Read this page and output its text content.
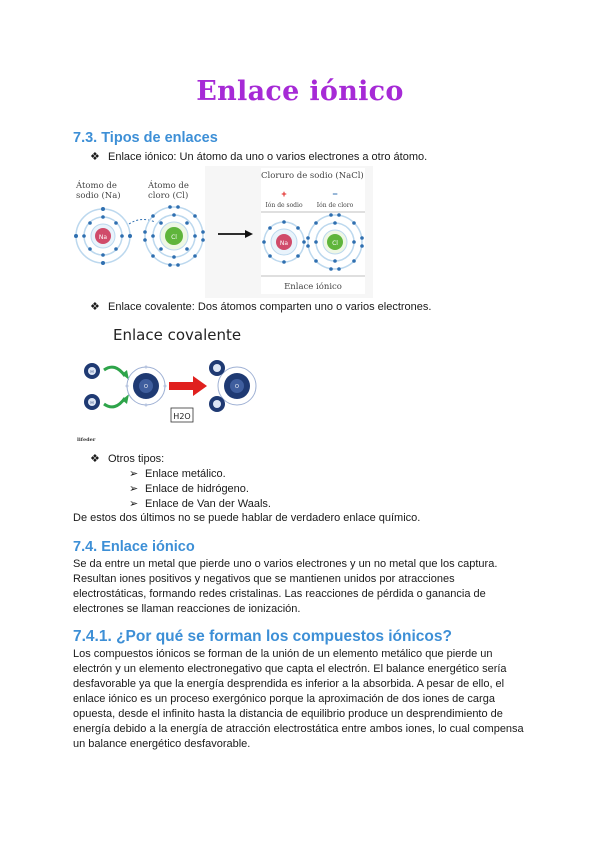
Enlace iónico
7.3. Tipos de enlaces
❖ Enlace iónico: Un átomo da uno o varios electrones a otro átomo.
Átomo de
sodio (Na)
Átomo de
cloro (Cl)
Na	Cl
Cloruro de sodio (NaCl)
+	−
Ión de sodio Ión de cloro
Na	Cl
Enlace iónico
❖ Enlace covalente: Dos átomos comparten uno o varios electrones.
Enlace covalente
H
H
O	O
H2O
lifeder
❖ Otros tipos:
➢ Enlace metálico.
➢ Enlace de hidrógeno.
➢ Enlace de Van der Waals.
De estos dos últimos no se puede hablar de verdadero enlace químico.
7.4. Enlace iónico
Se da entre un metal que pierde uno o varios electrones y un no metal que los captura.
Resultan iones positivos y negativos que se mantienen unidos por atracciones
electrostáticas, formando redes cristalinas. Las reacciones de pérdida o ganancia de
electrones se llaman reacciones de ionización.
7.4.1. ¿Por qué se forman los compuestos iónicos?
Los compuestos iónicos se forman de la unión de un elemento metálico que pierde un
electrón y un elemento electronegativo que capta el electrón. El balance energético sería
desfavorable ya que la energía desprendida es inferior a la absorbida. A pesar de ello, el
enlace iónico es un proceso exergónico porque la aproximación de dos iones de carga
opuesta, desde el infinito hasta la distancia de equilibrio produce un desprendimiento de
energía debido a la energía de atracción electrostática entre ambos iones, lo cual compensa
un balance energético desfavorable.
